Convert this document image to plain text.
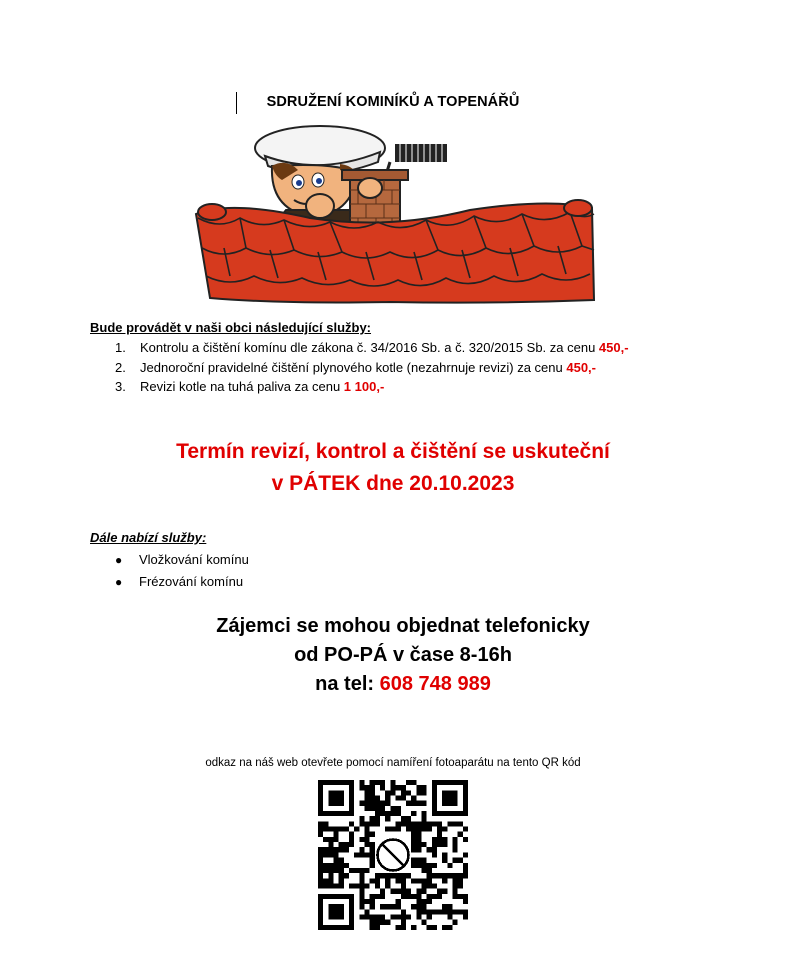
SDRUŽENÍ KOMINÍKŮ A TOPENÁŘŮ
Bude provádět v naši obci následující služby:
1. Kontrolu a čištění komínu dle zákona č. 34/2016 Sb. a č. 320/2015 Sb. za cenu 450,-
2. Jednoroční pravidelné čištění plynového kotle (nezahrnuje revizi) za cenu 450,-
3. Revizi kotle na tuhá paliva za cenu 1 100,-
Termín revizí, kontrol a čištění se uskuteční
v PÁTEK dne 20.10.2023
Dále nabízí služby:
● Vložkování komínu
● Frézování komínu
Zájemci se mohou objednat telefonicky
od PO-PÁ v čase 8-16h
na tel: 608 748 989
odkaz na náš web otevřete pomocí namíření fotoaparátu na tento QR kód
